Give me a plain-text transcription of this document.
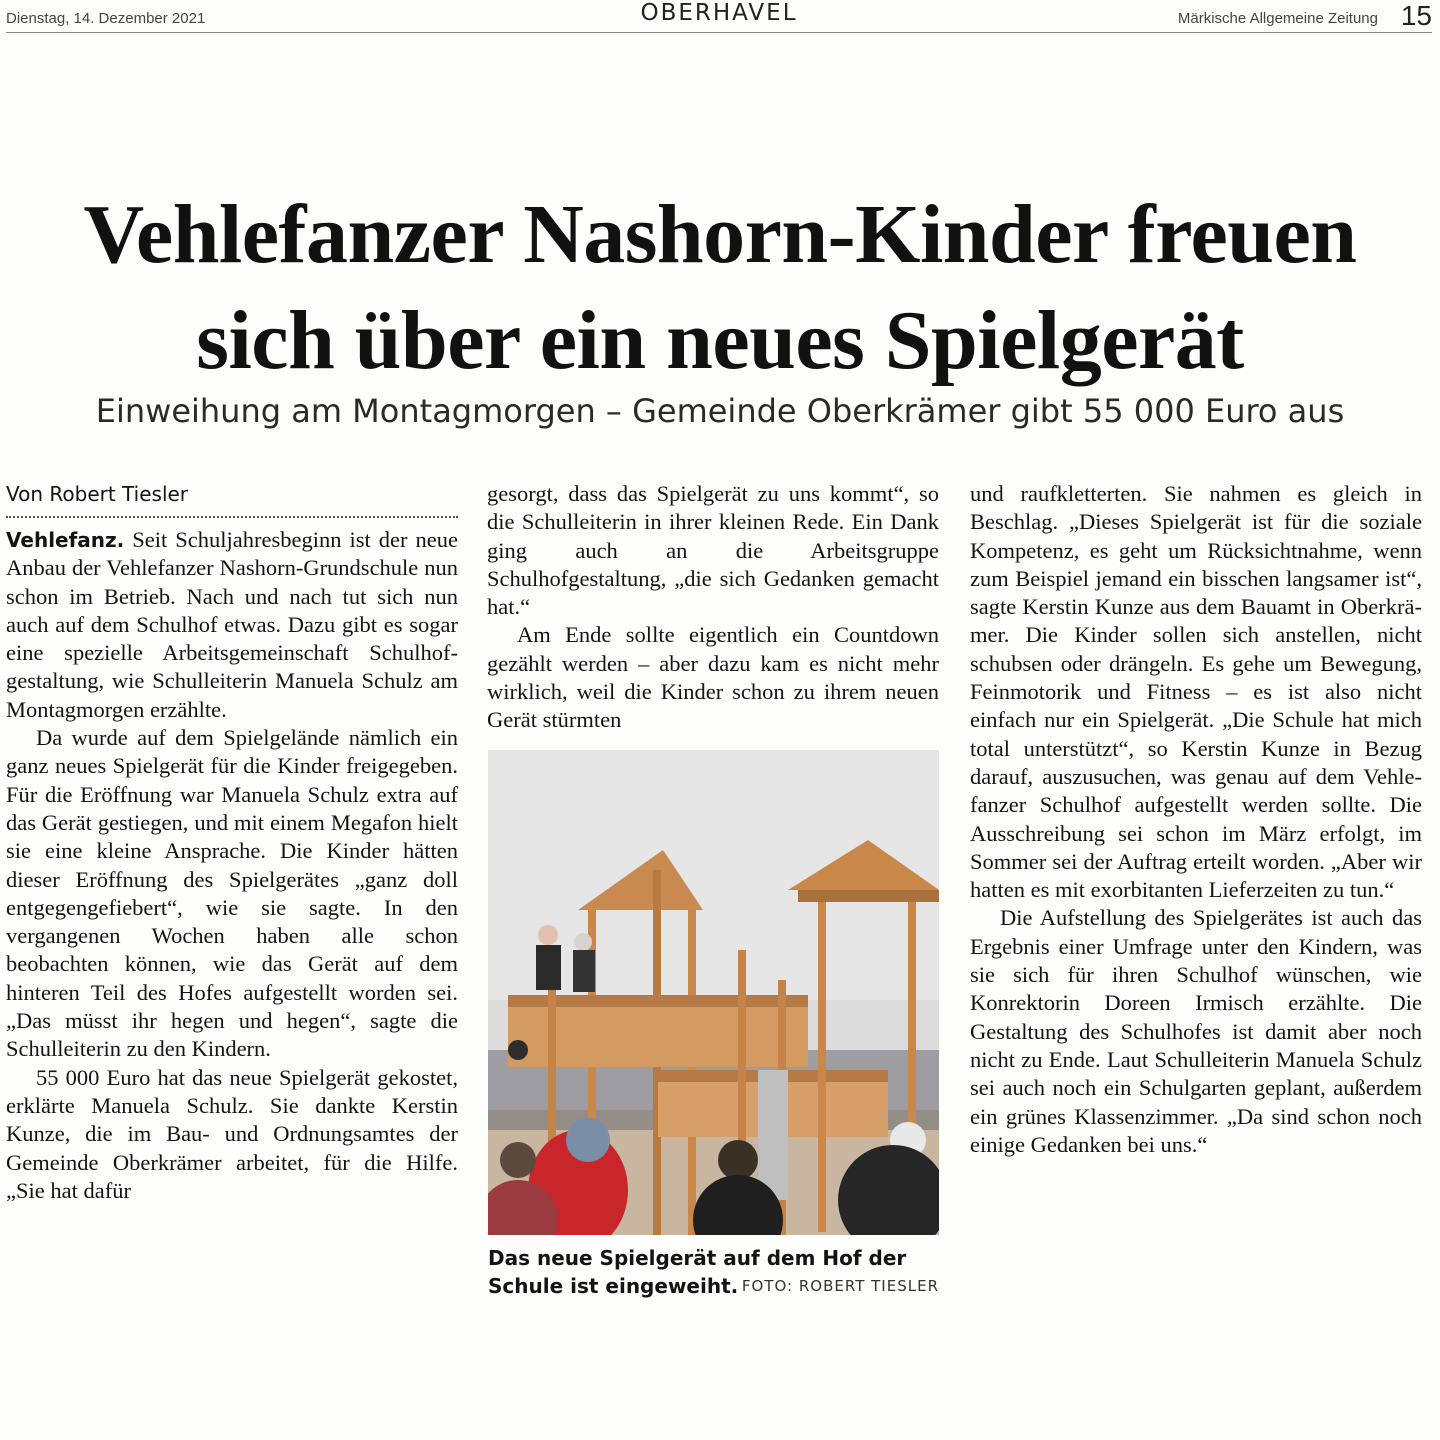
Dienstag, 14. Dezember 2021	OBERHAVEL	Märkische Allgemeine Zeitung 15
Vehlefanzer Nashorn-Kinder freuen
sich über ein neues Spielgerät
Einweihung am Montagmorgen – Gemeinde Oberkrämer gibt 55 000 Euro aus
Von Robert Tiesler

Vehlefanz. Seit Schuljahresbeginn ist der neue Anbau der Vehlefanzer Nashorn-Grundschule nun schon im Betrieb. Nach und nach tut sich nun auch auf dem Schulhof etwas. Dazu gibt es sogar eine spezielle Arbeitsgemeinschaft Schulhofgestaltung, wie Schulleiterin Manuela Schulz am Montagmorgen erzählte.

Da wurde auf dem Spielgelände nämlich ein ganz neues Spielgerät für die Kinder freigegeben. Für die Eröffnung war Manuela Schulz extra auf das Gerät gestiegen, und mit einem Megafon hielt sie eine kleine Ansprache. Die Kinder hätten dieser Eröffnung des Spielgerätes „ganz doll entgegengefiebert“, wie sie sagte. In den vergangenen Wochen haben alle schon beobachten können, wie das Gerät auf dem hinteren Teil des Hofes aufgestellt worden sei. „Das müsst ihr hegen und hegen“, sagte die Schulleiterin zu den Kindern.

55 000 Euro hat das neue Spielgerät gekostet, erklärte Manuela Schulz. Sie dankte Kerstin Kunze, die im Bau- und Ordnungsamtes der Gemeinde Oberkrämer arbeitet, für die Hilfe. „Sie hat dafür

gesorgt, dass das Spielgerät zu uns kommt“, so die Schulleiterin in ihrer kleinen Rede. Ein Dank ging auch an die Arbeitsgruppe Schulhofgestaltung, „die sich Gedanken gemacht hat.“

Am Ende sollte eigentlich ein Countdown gezählt werden – aber dazu kam es nicht mehr wirklich, weil die Kinder schon zu ihrem neuen Gerät stürmten

Das neue Spielgerät auf dem Hof der Schule ist eingeweiht. FOTO: ROBERT TIESLER

und raufkletterten. Sie nahmen es gleich in Beschlag. „Dieses Spielgerät ist für die soziale Kompetenz, es geht um Rücksichtnahme, wenn zum Beispiel jemand ein bisschen langsamer ist“, sagte Kerstin Kunze aus dem Bauamt in Oberkrämer. Die Kinder sollen sich anstellen, nicht schubsen oder drängeln. Es gehe um Bewegung, Feinmotorik und Fitness – es ist also nicht einfach nur ein Spielgerät. „Die Schule hat mich total unterstützt“, so Kerstin Kunze in Bezug darauf, auszusuchen, was genau auf dem Vehlefanzer Schulhof aufgestellt werden sollte. Die Ausschreibung sei schon im März erfolgt, im Sommer sei der Auftrag erteilt worden. „Aber wir hatten es mit exorbitanten Lieferzeiten zu tun.“

Die Aufstellung des Spielgerätes ist auch das Ergebnis einer Umfrage unter den Kindern, was sie sich für ihren Schulhof wünschen, wie Konrektorin Doreen Irmisch erzählte. Die Gestaltung des Schulhofes ist damit aber noch nicht zu Ende. Laut Schulleiterin Manuela Schulz sei auch noch ein Schulgarten geplant, außerdem ein grünes Klassenzimmer. „Da sind schon noch einige Gedanken bei uns.“
